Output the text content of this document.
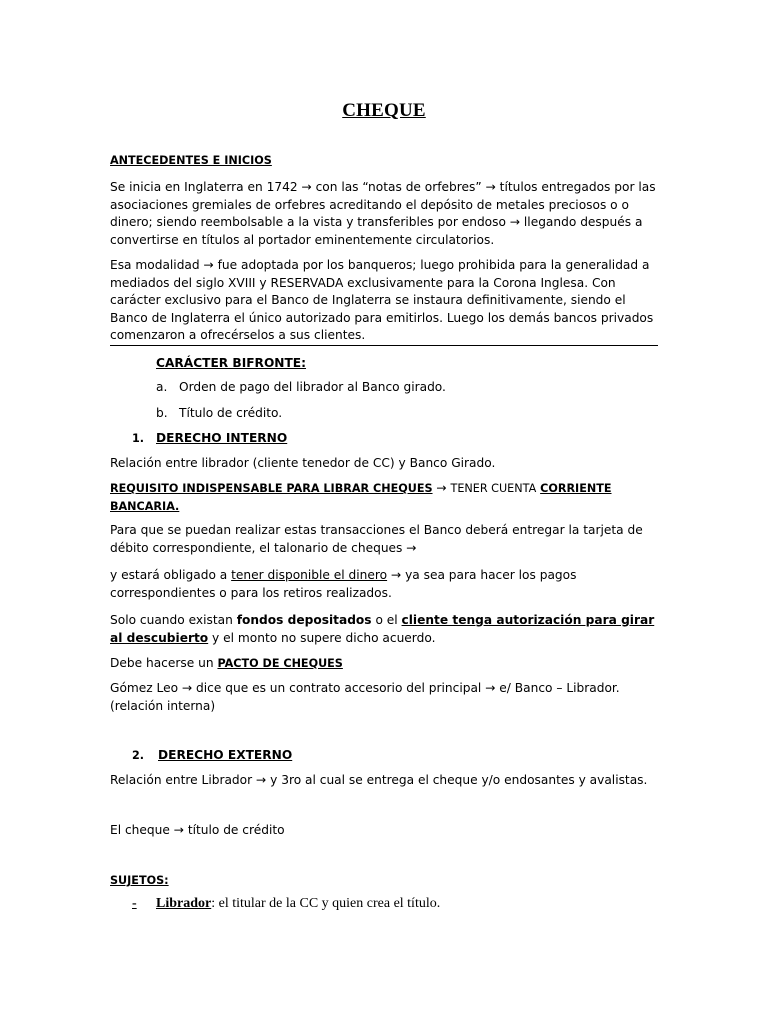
CHEQUE
ANTECEDENTES E INICIOS
Se inicia en Inglaterra en 1742 → con las “notas de orfebres” → títulos entregados por las asociaciones gremiales de orfebres acreditando el depósito de metales preciosos o o dinero; siendo reembolsable a la vista y transferibles por endoso → llegando después a convertirse en títulos al portador eminentemente circulatorios.
Esa modalidad → fue adoptada por los banqueros; luego prohibida para la generalidad a mediados del siglo XVIII y RESERVADA exclusivamente para la Corona Inglesa. Con carácter exclusivo para el Banco de Inglaterra se instaura definitivamente, siendo el Banco de Inglaterra el único autorizado para emitirlos. Luego los demás bancos privados comenzaron a ofrecérselos a sus clientes.
CARÁCTER BIFRONTE:
a. Orden de pago del librador al Banco girado.
b. Título de crédito.
1. DERECHO INTERNO
Relación entre librador (cliente tenedor de CC) y Banco Girado.
REQUISITO INDISPENSABLE PARA LIBRAR CHEQUES → TENER CUENTA CORRIENTE BANCARIA.
Para que se puedan realizar estas transacciones el Banco deberá entregar la tarjeta de débito correspondiente, el talonario de cheques →
y estará obligado a tener disponible el dinero → ya sea para hacer los pagos correspondientes o para los retiros realizados.
Solo cuando existan fondos depositados o el cliente tenga autorización para girar al descubierto y el monto no supere dicho acuerdo.
Debe hacerse un PACTO DE CHEQUES
Gómez Leo → dice que es un contrato accesorio del principal → e/ Banco – Librador. (relación interna)
2. DERECHO EXTERNO
Relación entre Librador → y 3ro al cual se entrega el cheque y/o endosantes y avalistas.
El cheque → título de crédito
SUJETOS:
- Librador: el titular de la CC y quien crea el título.
